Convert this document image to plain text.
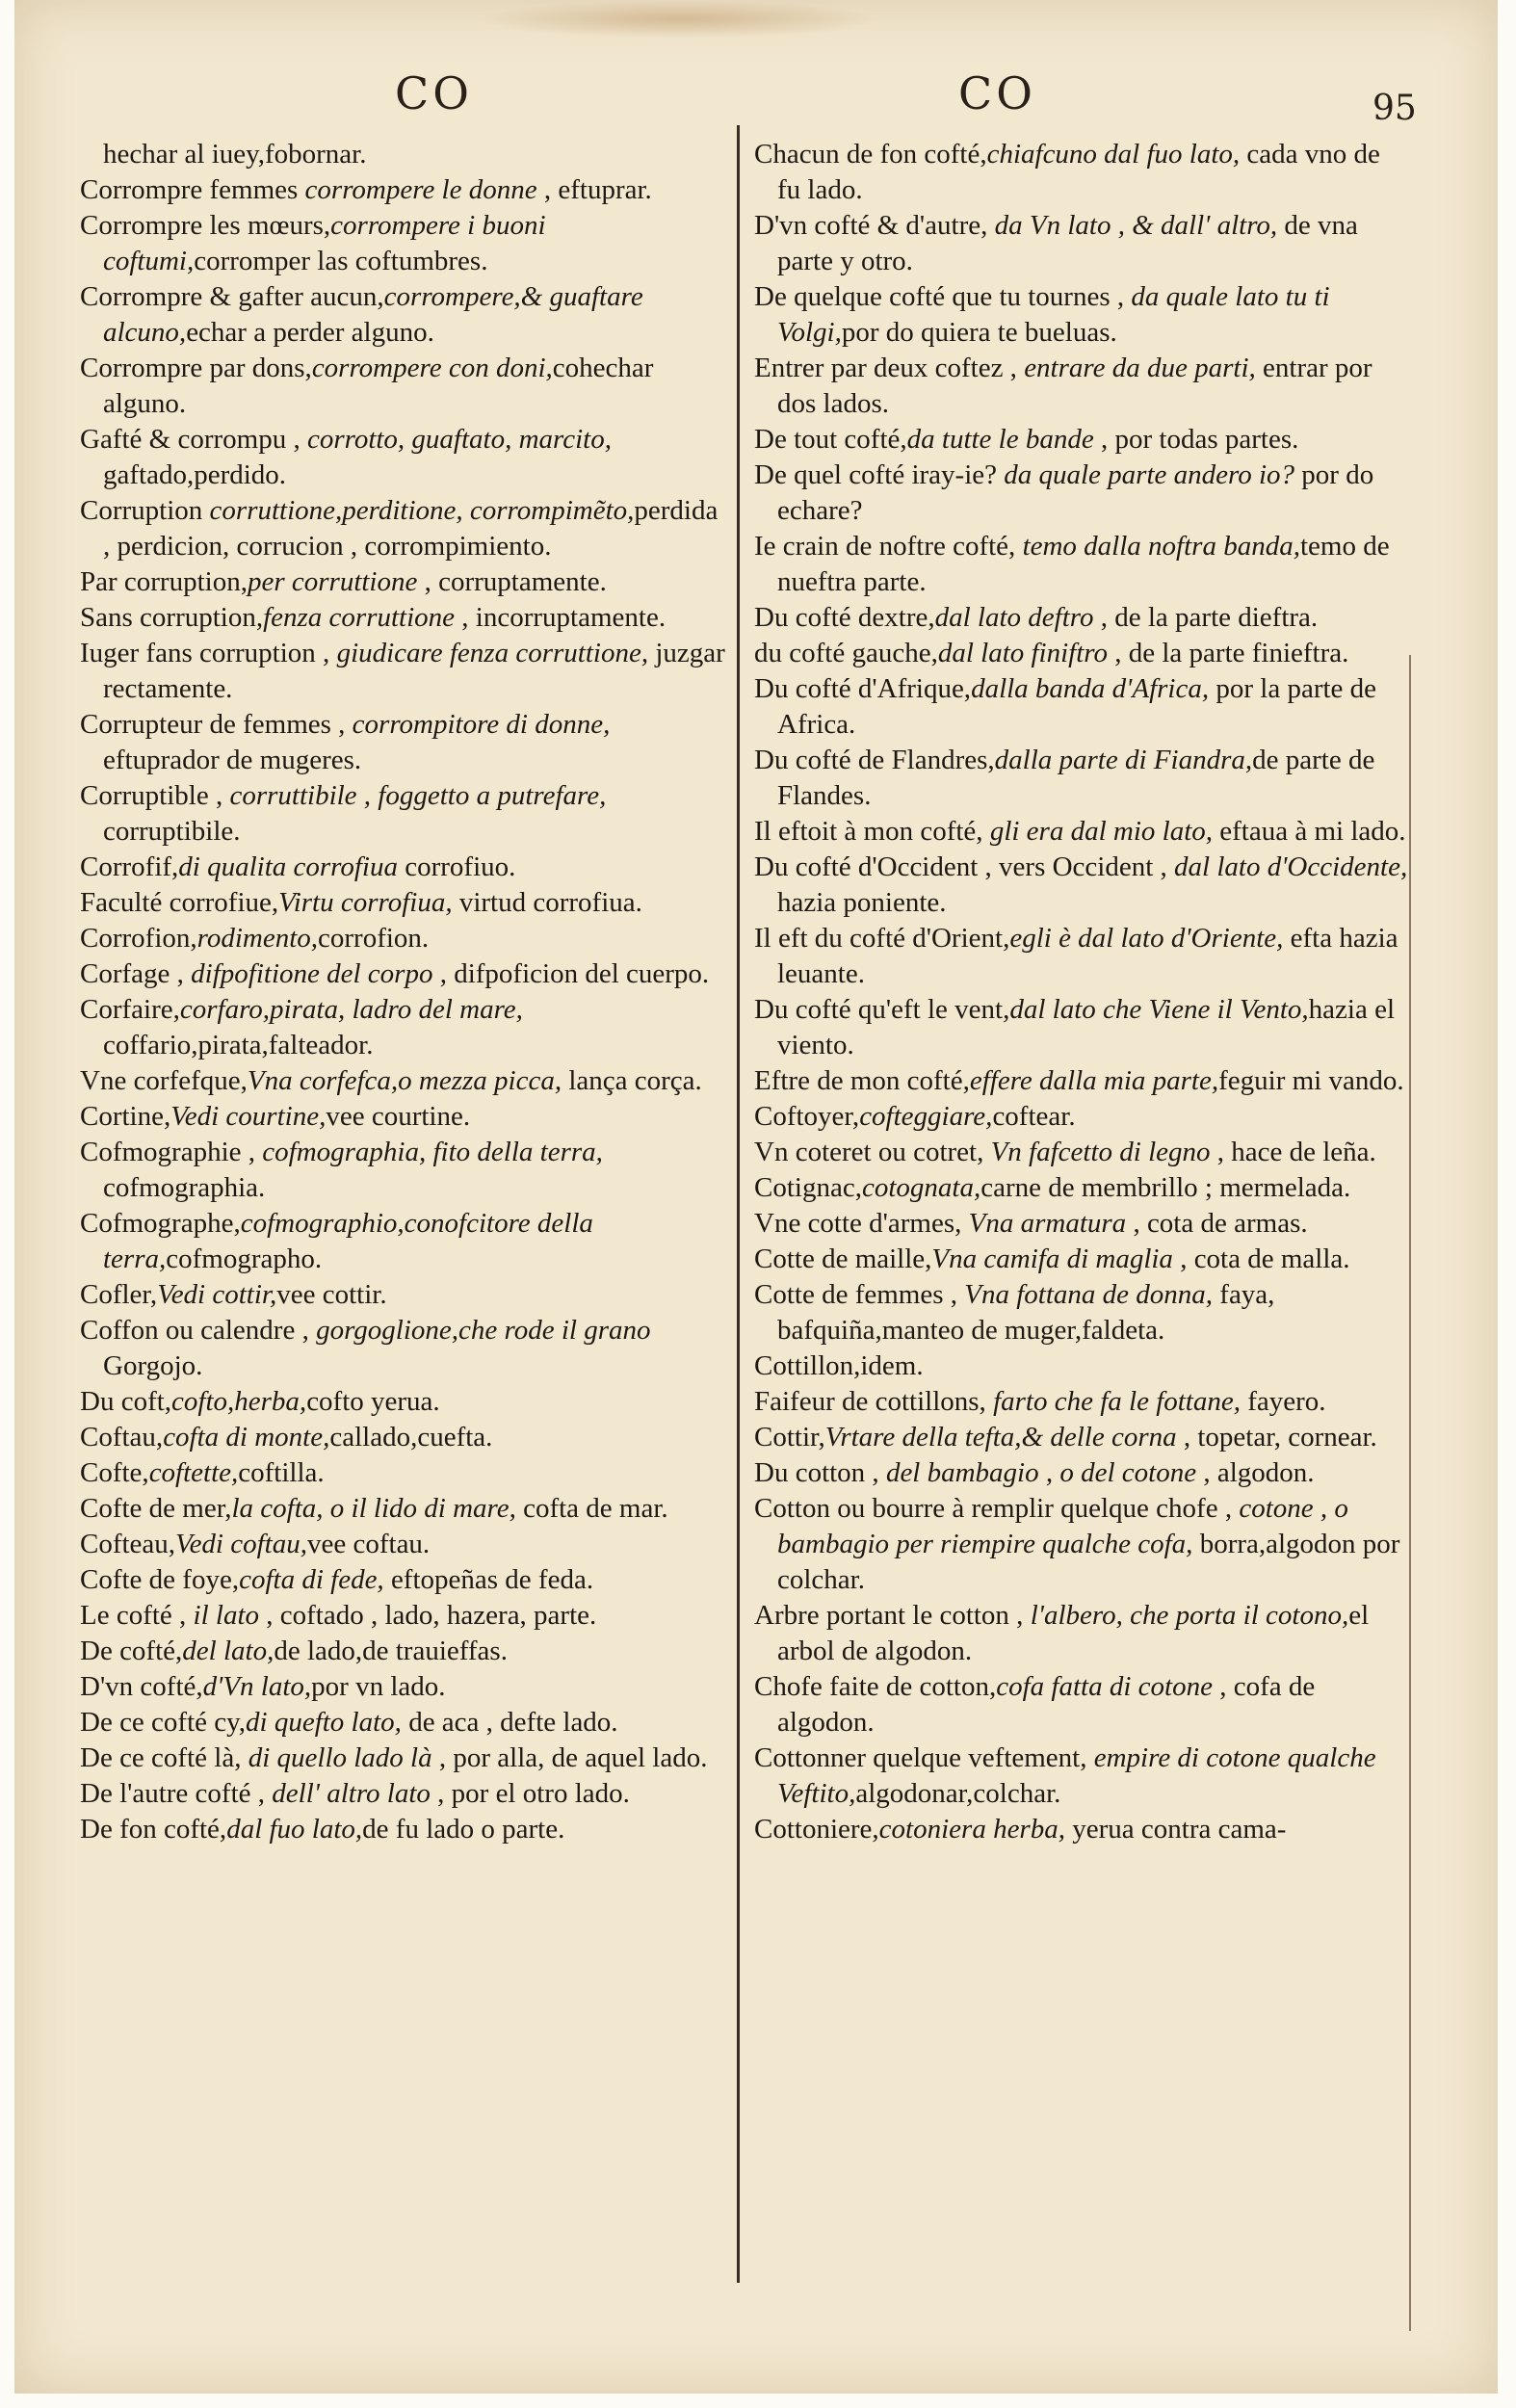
CO	CO	95
hechar al iuey,fobornar.
Corrompre femmes corrompere le donne , eftuprar.
Corrompre les mœurs,corrompere i buoni coftumi,corromper las coftumbres.
Corrompre & gafter aucun,corrompere,& guaftare alcuno,echar a perder alguno.
Corrompre par dons,corrompere con doni,cohechar alguno.
Gafté & corrompu , corrotto, guaftato, marcito, gaftado,perdido.
Corruption corruttione,perditione, corrompimẽto,perdida , perdicion, corrucion , corrompimiento.
Par corruption,per corruttione , corruptamente.
Sans corruption,fenza corruttione , incorruptamente.
Iuger fans corruption , giudicare fenza corruttione, juzgar rectamente.
Corrupteur de femmes , corrompitore di donne, eftuprador de mugeres.
Corruptible , corruttibile , foggetto a putrefare, corruptibile.
Corrofif,di qualita corrofiua corrofiuo.
Faculté corrofiue,Virtu corrofiua, virtud corrofiua.
Corrofion,rodimento,corrofion.
Corfage , difpofitione del corpo , difpoficion del cuerpo.
Corfaire,corfaro,pirata, ladro del mare, coffario,pirata,falteador.
Vne corfefque,Vna corfefca,o mezza picca, lança corça.
Cortine,Vedi courtine,vee courtine.
Cofmographie , cofmographia, fito della terra, cofmographia.
Cofmographe,cofmographio,conofcitore della terra,cofmographo.
Cofler,Vedi cottir,vee cottir.
Coffon ou calendre , gorgoglione,che rode il grano Gorgojo.
Du coft,cofto,herba,cofto yerua.
Coftau,cofta di monte,callado,cuefta.
Cofte,coftette,coftilla.
Cofte de mer,la cofta, o il lido di mare, cofta de mar.
Cofteau,Vedi coftau,vee coftau.
Cofte de foye,cofta di fede, eftopeñas de feda.
Le cofté , il lato , coftado , lado, hazera, parte.
De cofté,del lato,de lado,de trauieffas.
D'vn cofté,d'Vn lato,por vn lado.
De ce cofté cy,di quefto lato, de aca , defte lado.
De ce cofté là, di quello lado là , por alla, de aquel lado.
De l'autre cofté , dell' altro lato , por el otro lado.
De fon cofté,dal fuo lato,de fu lado o parte.
Chacun de fon cofté,chiafcuno dal fuo lato, cada vno de fu lado.
D'vn cofté & d'autre, da Vn lato , & dall' altro, de vna parte y otro.
De quelque cofté que tu tournes , da quale lato tu ti Volgi,por do quiera te bueluas.
Entrer par deux coftez , entrare da due parti, entrar por dos lados.
De tout cofté,da tutte le bande , por todas partes.
De quel cofté iray-ie? da quale parte andero io? por do echare?
Ie crain de noftre cofté, temo dalla noftra banda,temo de nueftra parte.
Du cofté dextre,dal lato deftro , de la parte dieftra.
du cofté gauche,dal lato finiftro , de la parte finieftra.
Du cofté d'Afrique,dalla banda d'Africa, por la parte de Africa.
Du cofté de Flandres,dalla parte di Fiandra,de parte de Flandes.
Il eftoit à mon cofté, gli era dal mio lato, eftaua à mi lado.
Du cofté d'Occident , vers Occident , dal lato d'Occidente, hazia poniente.
Il eft du cofté d'Orient,egli è dal lato d'Oriente, efta hazia leuante.
Du cofté qu'eft le vent,dal lato che Viene il Vento,hazia el viento.
Eftre de mon cofté,effere dalla mia parte,feguir mi vando.
Coftoyer,cofteggiare,coftear.
Vn coteret ou cotret, Vn fafcetto di legno , hace de leña.
Cotignac,cotognata,carne de membrillo ; mermelada.
Vne cotte d'armes, Vna armatura , cota de armas.
Cotte de maille,Vna camifa di maglia , cota de malla.
Cotte de femmes , Vna fottana de donna, faya, bafquiña,manteo de muger,faldeta.
Cottillon,idem.
Faifeur de cottillons, farto che fa le fottane, fayero.
Cottir,Vrtare della tefta,& delle corna , topetar, cornear.
Du cotton , del bambagio , o del cotone , algodon.
Cotton ou bourre à remplir quelque chofe , cotone , o bambagio per riempire qualche cofa, borra,algodon por colchar.
Arbre portant le cotton , l'albero, che porta il cotono,el arbol de algodon.
Chofe faite de cotton,cofa fatta di cotone , cofa de algodon.
Cottonner quelque veftement, empire di cotone qualche Veftito,algodonar,colchar.
Cottoniere,cotoniera herba, yerua contra cama-
